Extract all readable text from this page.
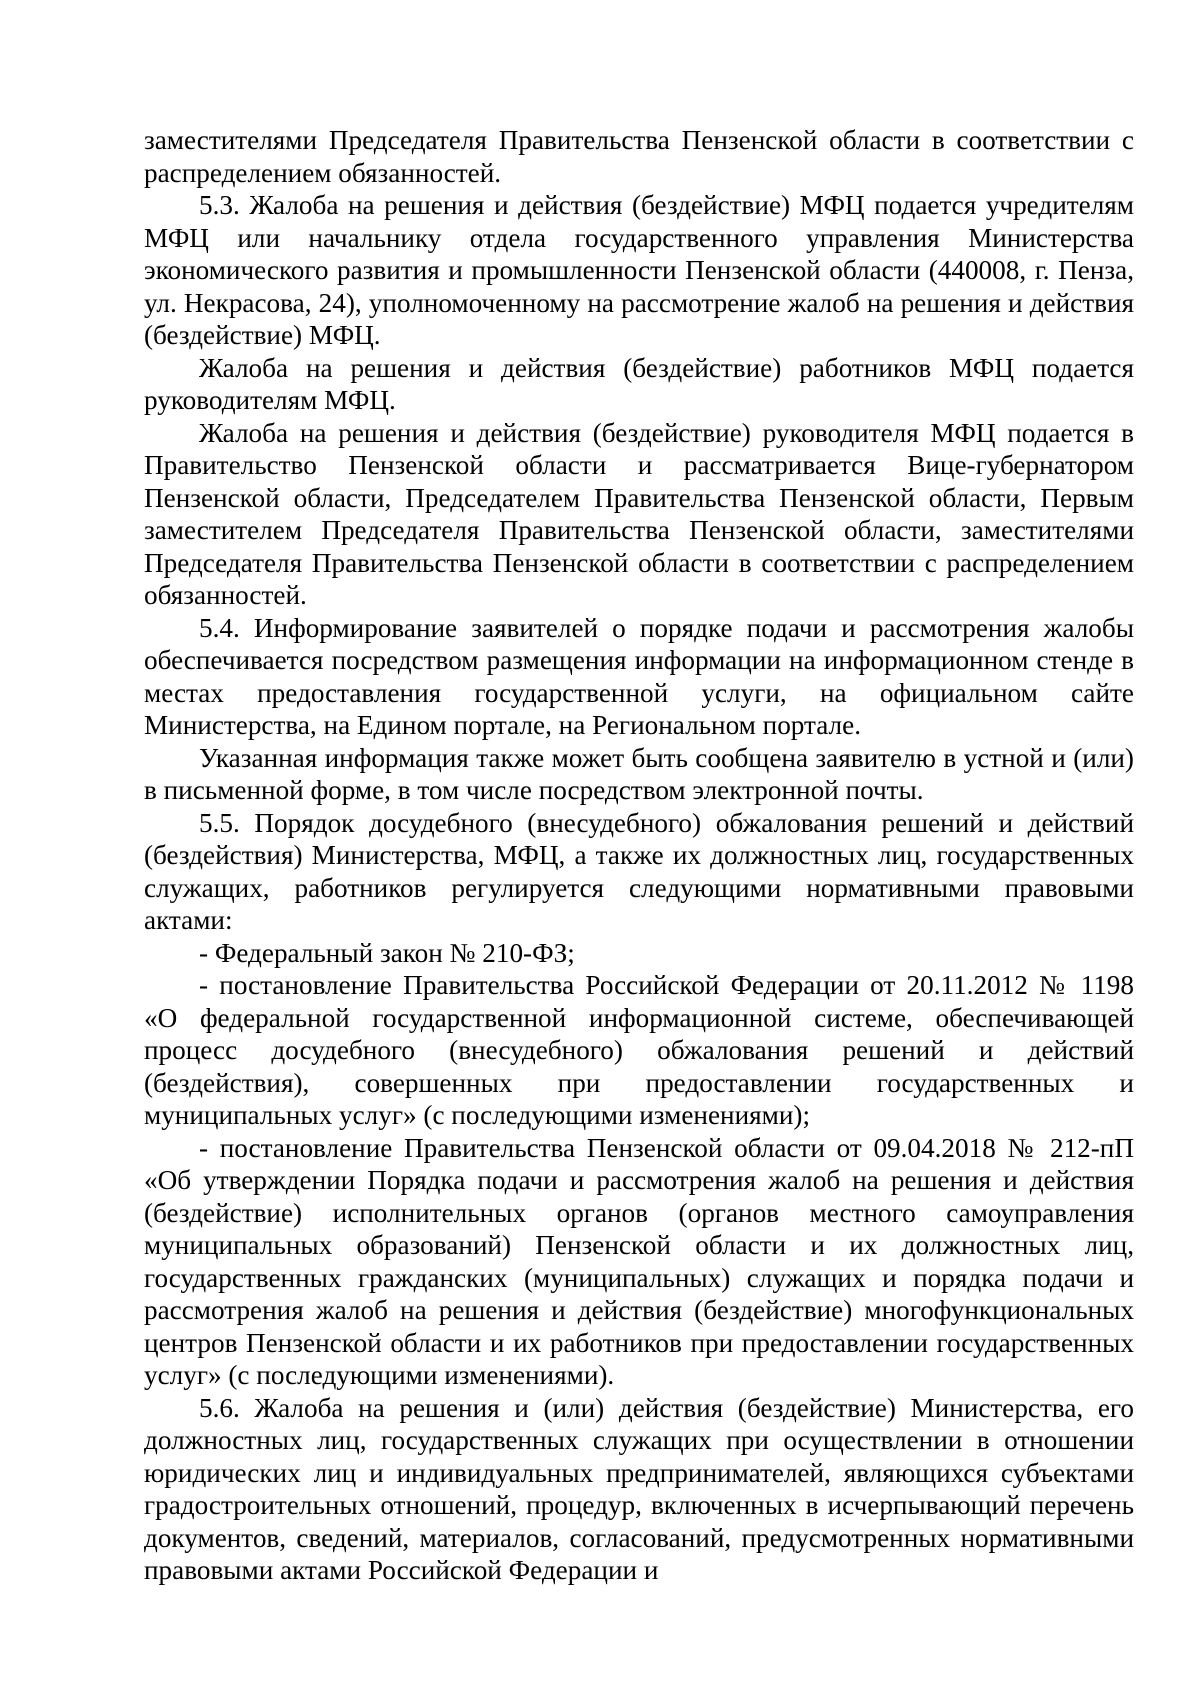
заместителями Председателя Правительства Пензенской области в соответствии с распределением обязанностей.

5.3. Жалоба на решения и действия (бездействие) МФЦ подается учредителям МФЦ или начальнику отдела государственного управления Министерства экономического развития и промышленности Пензенской области (440008, г. Пенза, ул. Некрасова, 24), уполномоченному на рассмотрение жалоб на решения и действия (бездействие) МФЦ.

Жалоба на решения и действия (бездействие) работников МФЦ подается руководителям МФЦ.

Жалоба на решения и действия (бездействие) руководителя МФЦ подается в Правительство Пензенской области и рассматривается Вице-губернатором Пензенской области, Председателем Правительства Пензенской области, Первым заместителем Председателя Правительства Пензенской области, заместителями Председателя Правительства Пензенской области в соответствии с распределением обязанностей.

5.4. Информирование заявителей о порядке подачи и рассмотрения жалобы обеспечивается посредством размещения информации на информационном стенде в местах предоставления государственной услуги, на официальном сайте Министерства, на Едином портале, на Региональном портале.

Указанная информация также может быть сообщена заявителю в устной и (или) в письменной форме, в том числе посредством электронной почты.

5.5. Порядок досудебного (внесудебного) обжалования решений и действий (бездействия) Министерства, МФЦ, а также их должностных лиц, государственных служащих, работников регулируется следующими нормативными правовыми актами:

- Федеральный закон № 210-ФЗ;

- постановление Правительства Российской Федерации от 20.11.2012 № 1198 «О федеральной государственной информационной системе, обеспечивающей процесс досудебного (внесудебного) обжалования решений и действий (бездействия), совершенных при предоставлении государственных и муниципальных услуг» (с последующими изменениями);

- постановление Правительства Пензенской области от 09.04.2018 № 212-пП «Об утверждении Порядка подачи и рассмотрения жалоб на решения и действия (бездействие) исполнительных органов (органов местного самоуправления муниципальных образований) Пензенской области и их должностных лиц, государственных гражданских (муниципальных) служащих и порядка подачи и рассмотрения жалоб на решения и действия (бездействие) многофункциональных центров Пензенской области и их работников при предоставлении государственных услуг» (с последующими изменениями).

5.6. Жалоба на решения и (или) действия (бездействие) Министерства, его должностных лиц, государственных служащих при осуществлении в отношении юридических лиц и индивидуальных предпринимателей, являющихся субъектами градостроительных отношений, процедур, включенных в исчерпывающий перечень документов, сведений, материалов, согласований, предусмотренных нормативными правовыми актами Российской Федерации и
